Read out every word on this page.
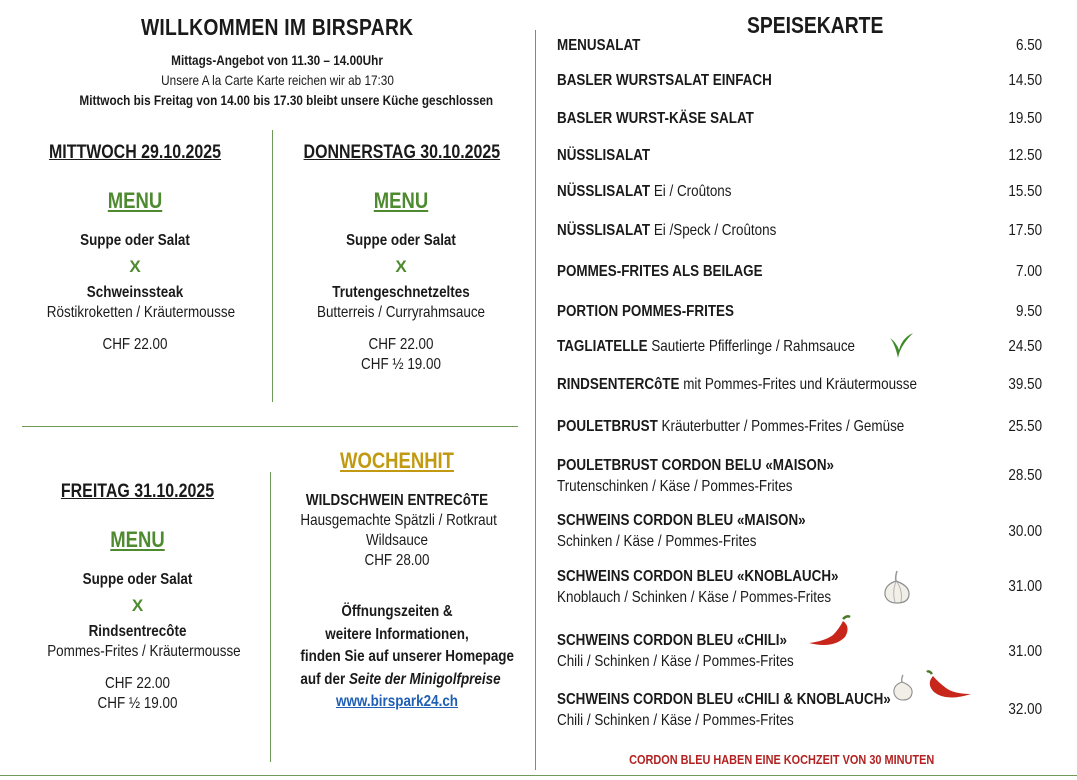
WILLKOMMEN IM BIRSPARK
Mittags-Angebot von 11.30 – 14.00Uhr
Unsere A la Carte Karte reichen wir ab 17:30
Mittwoch bis Freitag von 14.00 bis 17.30 bleibt unsere Küche geschlossen
MITTWOCH 29.10.2025
MENU
Suppe oder Salat
X
Schweinssteak
Röstikroketten / Kräutermousse
CHF 22.00
DONNERSTAG 30.10.2025
MENU
Suppe oder Salat
X
Trutengeschnetzeltes
Butterreis / Curryrahmsauce
CHF 22.00
CHF ½ 19.00
FREITAG 31.10.2025
MENU
Suppe oder Salat
X
Rindsentrecôte
Pommes-Frites / Kräutermousse
CHF 22.00
CHF ½ 19.00
WOCHENHIT
WILDSCHWEIN ENTRECôTE
Hausgemachte Spätzli / Rotkraut
Wildsauce
CHF 28.00
Öffnungszeiten &
weitere Informationen,
finden Sie auf unserer Homepage
auf der Seite der Minigolfpreise
www.birspark24.ch
SPEISEKARTE
MENUSALAT	6.50
BASLER WURSTSALAT EINFACH	14.50
BASLER WURST-KÄSE SALAT	19.50
NÜSSLISALAT	12.50
NÜSSLISALAT Ei / Croûtons	15.50
NÜSSLISALAT Ei /Speck / Croûtons	17.50
POMMES-FRITES ALS BEILAGE	7.00
PORTION POMMES-FRITES	9.50
TAGLIATELLE Sautierte Pfifferlinge / Rahmsauce	24.50
RINDSENTERCôTE mit Pommes-Frites und Kräutermousse	39.50
POULETBRUST Kräuterbutter / Pommes-Frites / Gemüse	25.50
POULETBRUST CORDON BELU «MAISON»
Trutenschinken / Käse / Pommes-Frites
28.50
SCHWEINS CORDON BLEU «MAISON»
Schinken / Käse / Pommes-Frites
30.00
SCHWEINS CORDON BLEU «KNOBLAUCH»
Knoblauch / Schinken / Käse / Pommes-Frites
31.00
SCHWEINS CORDON BLEU «CHILI»
Chili / Schinken / Käse / Pommes-Frites
31.00
SCHWEINS CORDON BLEU «CHILI & KNOBLAUCH»
Chili / Schinken / Käse / Pommes-Frites
32.00
CORDON BLEU HABEN EINE KOCHZEIT VON 30 MINUTEN
